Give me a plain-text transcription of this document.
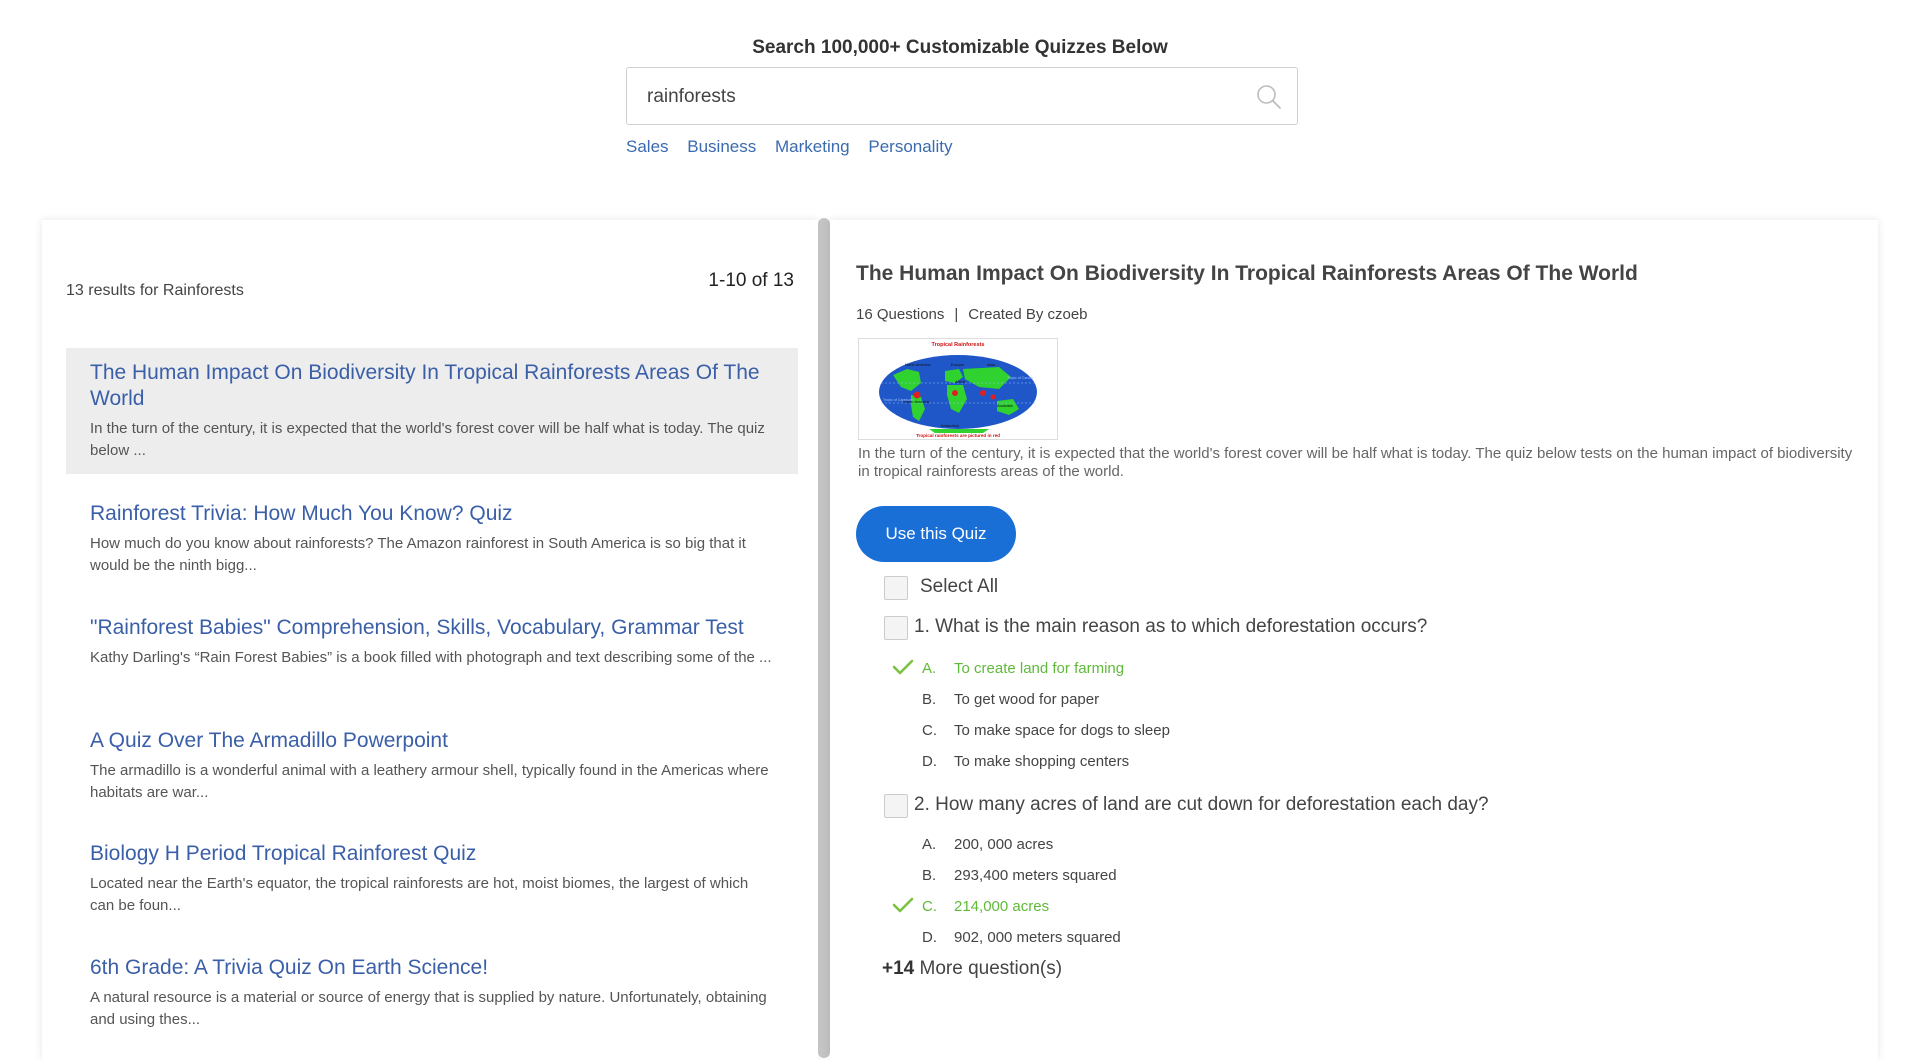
Search 100,000+ Customizable Quizzes Below
rainforests
Sales Business Marketing Personality
13 results for Rainforests	1-10 of 13
The Human Impact On Biodiversity In Tropical Rainforests Areas Of The World
In the turn of the century, it is expected that the world's forest cover will be half what is today. The quiz below ...
Rainforest Trivia: How Much You Know? Quiz
How much do you know about rainforests? The Amazon rainforest in South America is so big that it would be the ninth bigg...
"Rainforest Babies" Comprehension, Skills, Vocabulary, Grammar Test
Kathy Darling's “Rain Forest Babies” is a book filled with photograph and text describing some of the ...
A Quiz Over The Armadillo Powerpoint
The armadillo is a wonderful animal with a leathery armour shell, typically found in the Americas where habitats are war...
Biology H Period Tropical Rainforest Quiz
Located near the Earth's equator, the tropical rainforests are hot, moist biomes, the largest of which can be foun...
6th Grade: A Trivia Quiz On Earth Science!
A natural resource is a material or source of energy that is supplied by nature. Unfortunately, obtaining and using thes...
The Human Impact On Biodiversity In Tropical Rainforests Areas Of The World
16 Questions | Created By czoeb
Tropical Rainforests
Tropical rainforests are pictured in red
North America	Europe	Asia
Africa
South America
Australia
Antarctica
Tropic of Cancer
Tropic of Capricorn
In the turn of the century, it is expected that the world's forest cover will be half what is today. The quiz below tests on the human impact of biodiversity in tropical rainforests areas of the world.
Use this Quiz
Select All
1. What is the main reason as to which deforestation occurs?
A. To create land for farming
B. To get wood for paper
C. To make space for dogs to sleep
D. To make shopping centers
2. How many acres of land are cut down for deforestation each day?
A. 200, 000 acres
B. 293,400 meters squared
C. 214,000 acres
D. 902, 000 meters squared
+14 More question(s)
